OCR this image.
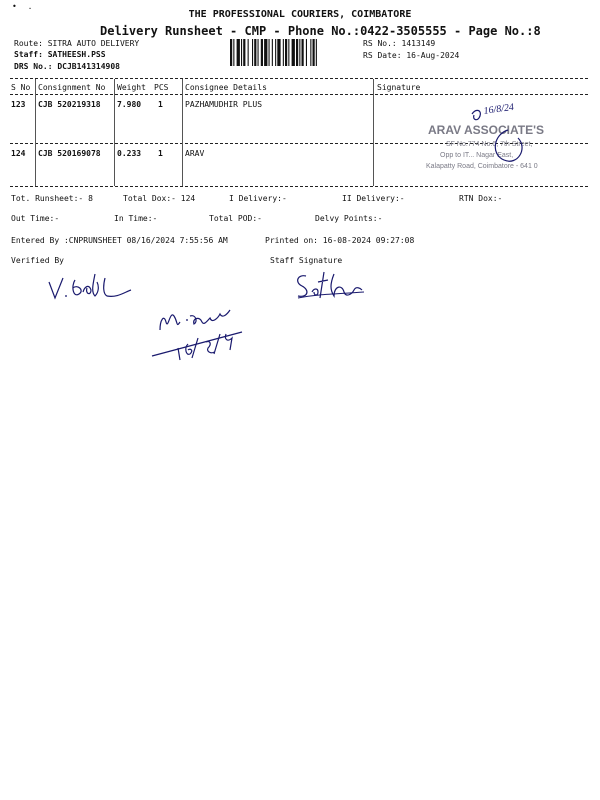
• .
THE PROFESSIONAL COURIERS, COIMBATORE
Delivery Runsheet - CMP - Phone No.:0422-3505555 - Page No.:8
Route: SITRA AUTO DELIVERY
Staff: SATHEESH.PSS
DRS No.: DCJB141314908
RS No.: 1413149
RS Date: 16-Aug-2024
S No Consignment No Weight PCS Consignee Details	Signature
123 CJB 520219318 7.980 1	PAZHAMUDHIR PLUS
124 CJB 520169078 0.233 1	ARAV
ARAV ASSOCIATE'S
SF No.774 No.6, 7th Street,
Opp to IT... Nagar East,
Kalapatty Road, Coimbatore - 641 0
16/8/24
Tot. Runsheet:- 8	Total Dox:- 124	I Delivery:-	II Delivery:-	RTN Dox:-
Out Time:-	In Time:-	Total POD:-	Delvy Points:-
Entered By :CNPRUNSHEET 08/16/2024 7:55:56 AM	Printed on: 16-08-2024 09:27:08
Verified By	Staff Signature
